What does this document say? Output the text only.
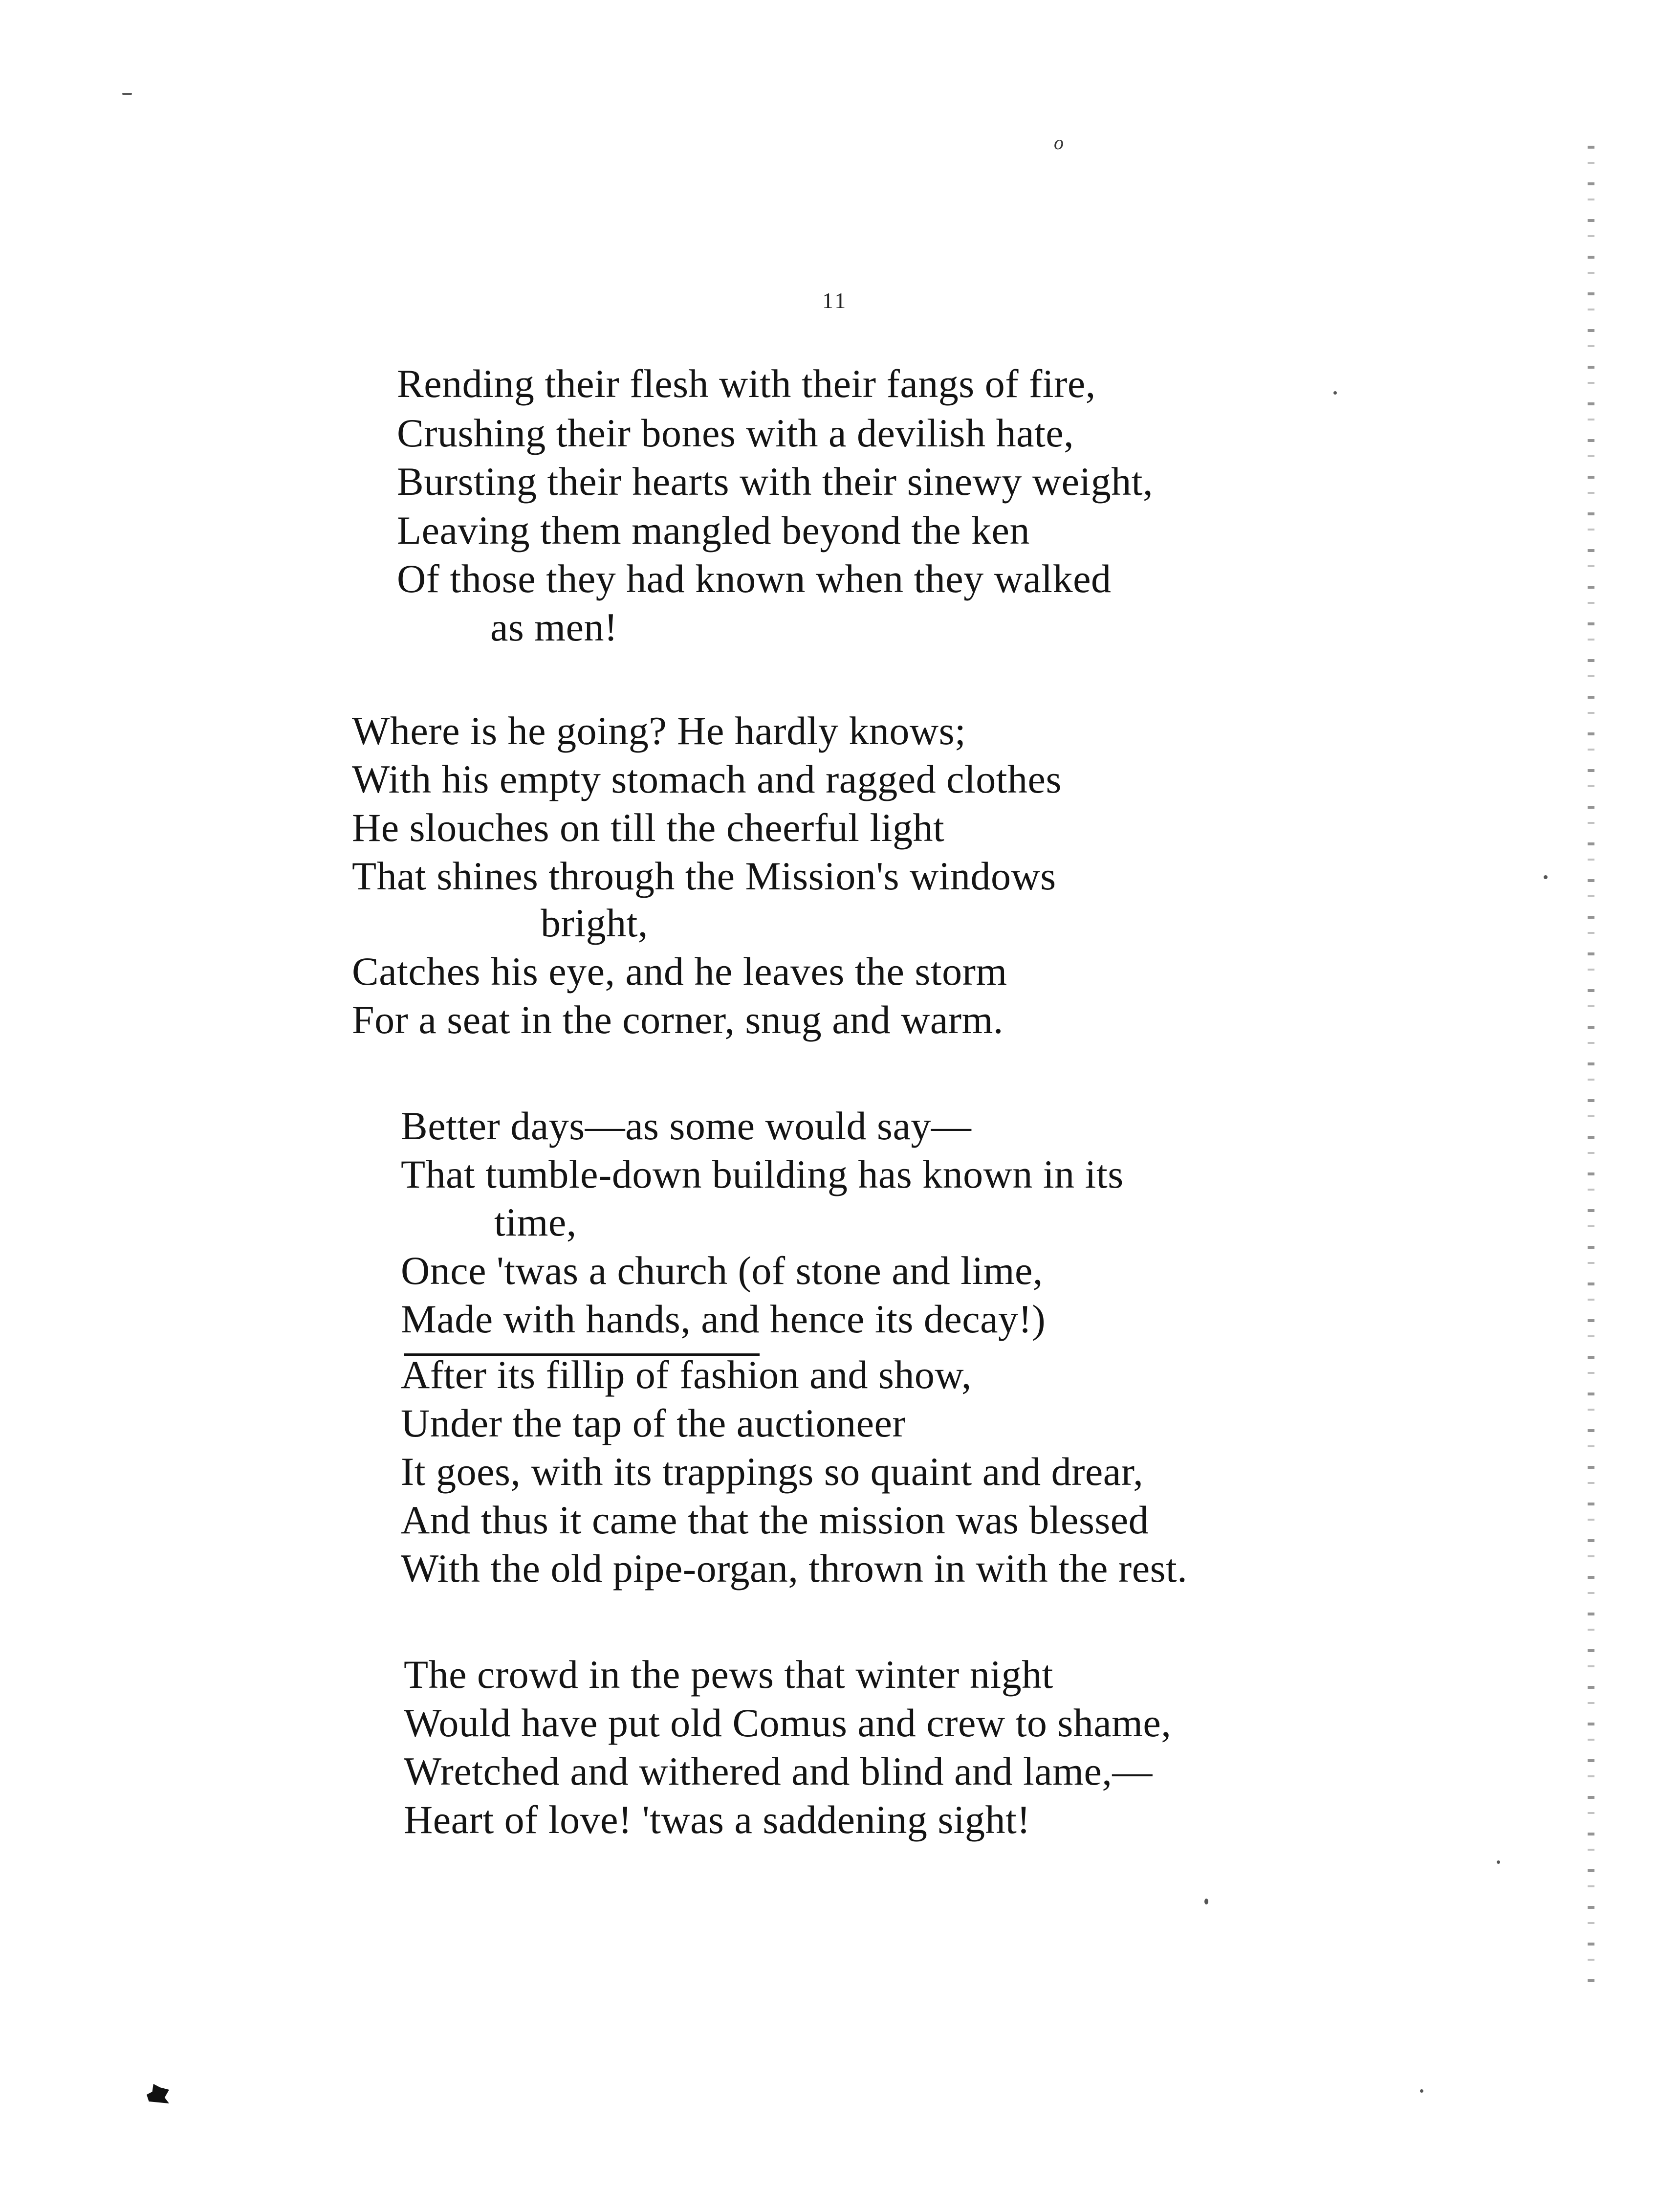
o
11
Rending their flesh with their fangs of fire,
Crushing their bones with a devilish hate,
Bursting their hearts with their sinewy weight,
Leaving them mangled beyond the ken
Of those they had known when they walked
as men!
Where is he going? He hardly knows;
With his empty stomach and ragged clothes
He slouches on till the cheerful light
That shines through the Mission's windows
bright,
Catches his eye, and he leaves the storm
For a seat in the corner, snug and warm.
Better days—as some would say—
That tumble-down building has known in its
time,
Once 'twas a church (of stone and lime,
Made with hands, and hence its decay!)
After its fillip of fashion and show,
Under the tap of the auctioneer
It goes, with its trappings so quaint and drear,
And thus it came that the mission was blessed
With the old pipe-organ, thrown in with the rest.
The crowd in the pews that winter night
Would have put old Comus and crew to shame,
Wretched and withered and blind and lame,—
Heart of love! 'twas a saddening sight!
